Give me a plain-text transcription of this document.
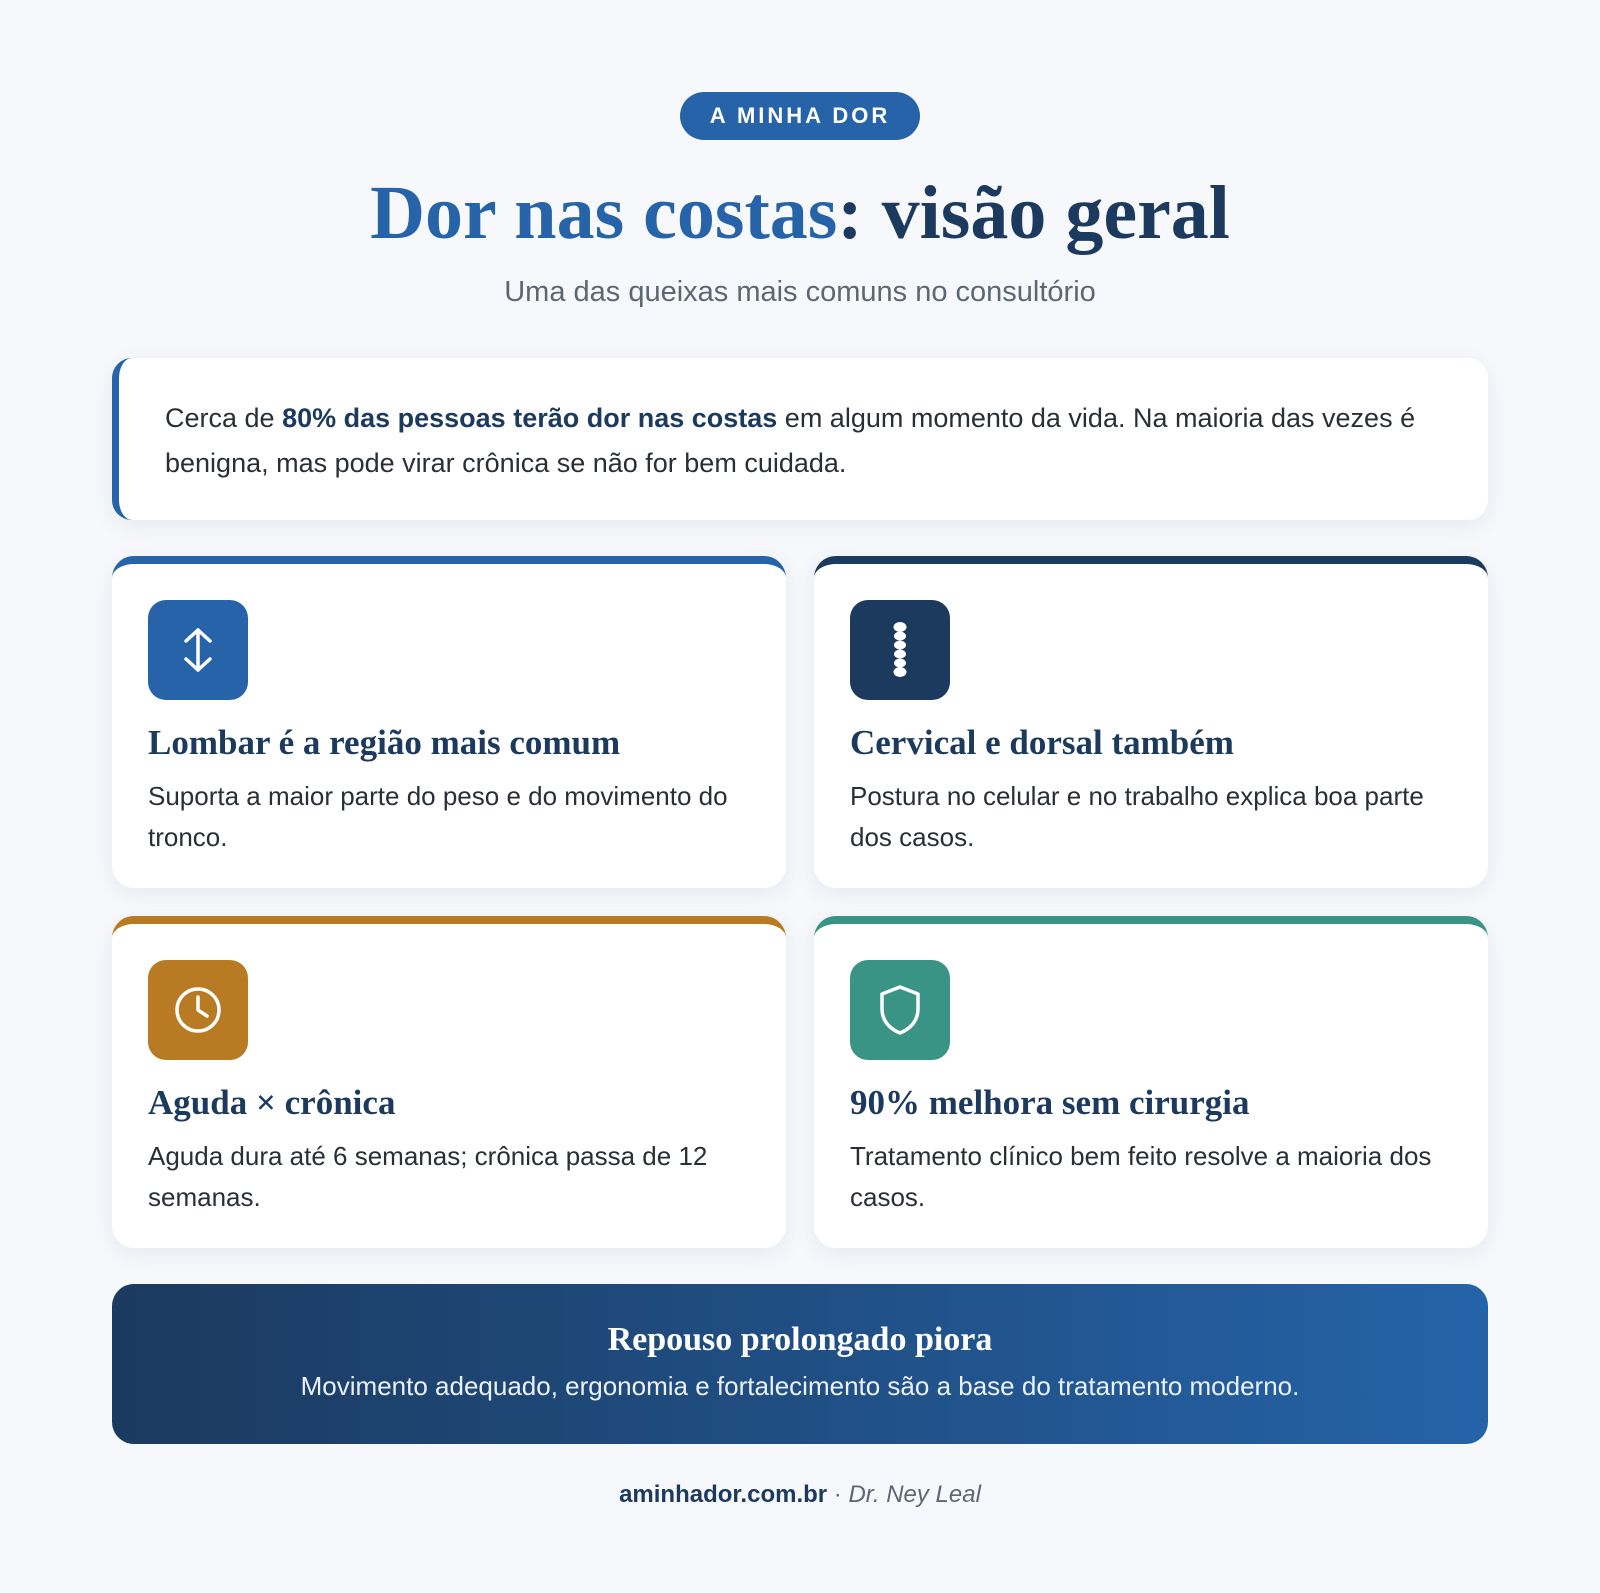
A MINHA DOR
Dor nas costas: visão geral

Uma das queixas mais comuns no consultório

Cerca de 80% das pessoas terão dor nas costas em algum momento da vida. Na maioria das vezes é benigna, mas pode virar crônica se não for bem cuidada.
Lombar é a região mais comum
Suporta a maior parte do peso e do movimento do tronco.
Cervical e dorsal também
Postura no celular e no trabalho explica boa parte dos casos.
Aguda × crônica
Aguda dura até 6 semanas; crônica passa de 12 semanas.
90% melhora sem cirurgia
Tratamento clínico bem feito resolve a maioria dos casos.
Repouso prolongado piora
Movimento adequado, ergonomia e fortalecimento são a base do tratamento moderno.
aminhador.com.br · Dr. Ney Leal
